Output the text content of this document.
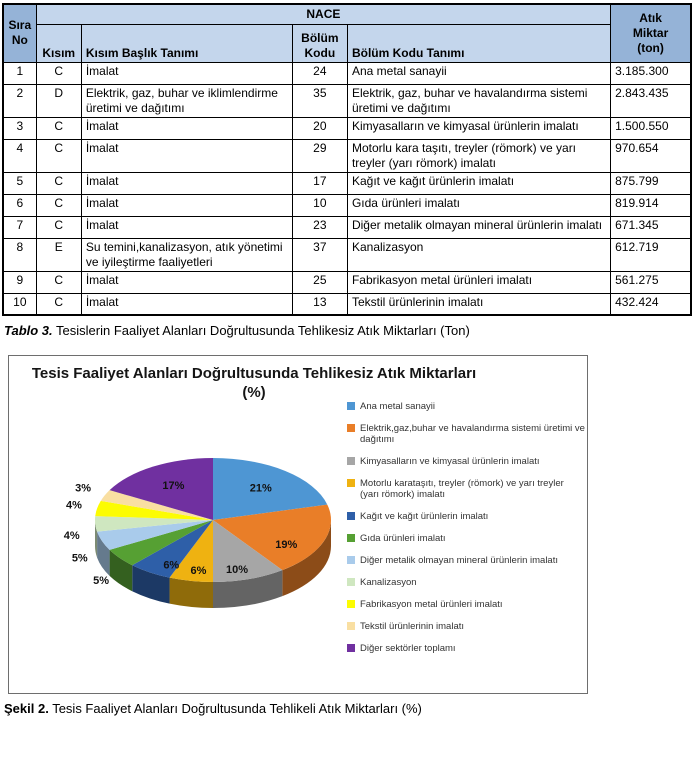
Sıra No	NACE				Atık Miktar (ton)
	Kısım	Kısım Başlık Tanımı	Bölüm Kodu	Bölüm Kodu Tanımı	
1	C	İmalat	24	Ana metal sanayii	3.185.300
2	D	Elektrik, gaz, buhar ve iklimlendirme üretimi ve dağıtımı	35	Elektrik, gaz, buhar ve havalandırma sistemi üretimi ve dağıtımı	2.843.435
3	C	İmalat	20	Kimyasalların ve kimyasal ürünlerin imalatı	1.500.550
4	C	İmalat	29	Motorlu kara taşıtı, treyler (römork) ve yarı treyler (yarı römork) imalatı	970.654
5	C	İmalat	17	Kağıt ve kağıt ürünlerin imalatı	875.799
6	C	İmalat	10	Gıda ürünleri imalatı	819.914
7	C	İmalat	23	Diğer metalik olmayan mineral ürünlerin imalatı	671.345
8	E	Su temini,kanalizasyon, atık yönetimi ve iyileştirme faaliyetleri	37	Kanalizasyon	612.719
9	C	İmalat	25	Fabrikasyon metal ürünleri imalatı	561.275
10	C	İmalat	13	Tekstil ürünlerinin imalatı	432.424

Tablo 3. Tesislerin Faaliyet Alanları Doğrultusunda Tehlikesiz Atık Miktarları (Ton)

Tesis Faaliyet Alanları Doğrultusunda Tehlikesiz Atık Miktarları (%)
21%
19%
10%
6%
6%
5%
5%
4%
4%
3%	17%
Ana metal sanayii
Elektrik,gaz,buhar ve havalandırma sistemi üretimi ve dağıtımı
Kimyasalların ve kimyasal ürünlerin imalatı
Motorlu karataşıtı, treyler (römork) ve yarı treyler (yarı römork) imalatı
Kağıt ve kağıt ürünlerin imalatı
Gıda ürünleri imalatı
Diğer metalik olmayan mineral ürünlerin imalatı
Kanalizasyon
Fabrikasyon metal ürünleri imalatı
Tekstil ürünlerinin imalatı
Diğer sektörler toplamı

Şekil 2. Tesis Faaliyet Alanları Doğrultusunda Tehlikeli Atık Miktarları (%)
